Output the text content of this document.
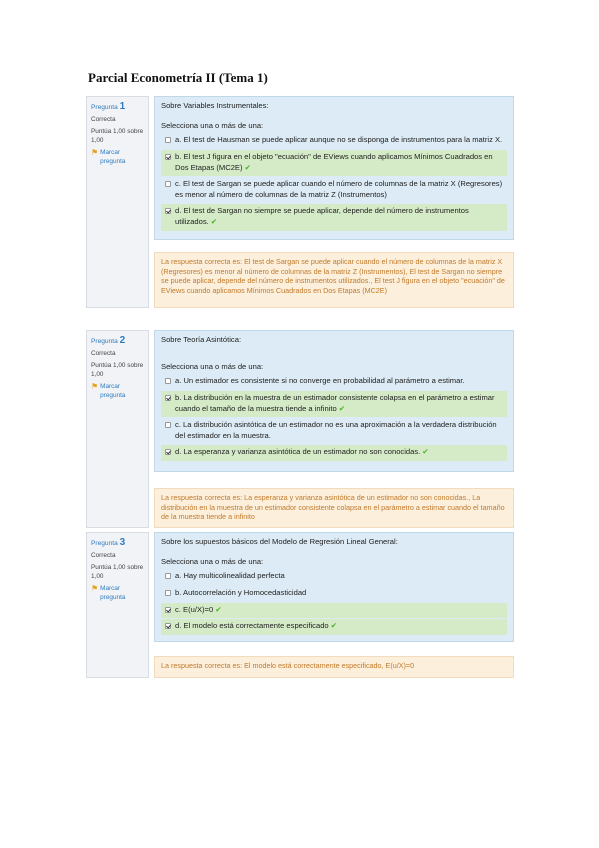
Parcial Econometría II (Tema 1)
Pregunta 1
Correcta
Puntúa 1,00 sobre 1,00
⚑ Marcar pregunta
Sobre Variables Instrumentales:
Selecciona una o más de una:
a. El test de Hausman se puede aplicar aunque no se disponga de instrumentos para la matriz X.
b. El test J figura en el objeto "ecuación" de EViews cuando aplicamos Mínimos Cuadrados en Dos Etapas (MC2E) ✔
c. El test de Sargan se puede aplicar cuando el número de columnas de la matriz X (Regresores) es menor al número de columnas de la matriz Z (Instrumentos)
d. El test de Sargan no siempre se puede aplicar, depende del número de instrumentos utilizados. ✔
La respuesta correcta es: El test de Sargan se puede aplicar cuando el número de columnas de la matriz X (Regresores) es menor al número de columnas de la matriz Z (Instrumentos), El test de Sargan no siempre se puede aplicar, depende del número de instrumentos utilizados., El test J figura en el objeto "ecuación" de EViews cuando aplicamos Mínimos Cuadrados en Dos Etapas (MC2E)
Pregunta 2
Correcta
Puntúa 1,00 sobre 1,00
⚑ Marcar pregunta
Sobre Teoría Asintótica:
Selecciona una o más de una:
a. Un estimador es consistente si no converge en probabilidad al parámetro a estimar.
b. La distribución en la muestra de un estimador consistente colapsa en el parámetro a estimar cuando el tamaño de la muestra tiende a infinito ✔
c. La distribución asintótica de un estimador no es una aproximación a la verdadera distribución del estimador en la muestra.
d. La esperanza y varianza asintótica de un estimador no son conocidas. ✔
La respuesta correcta es: La esperanza y varianza asintótica de un estimador no son conocidas., La distribución en la muestra de un estimador consistente colapsa en el parámetro a estimar cuando el tamaño de la muestra tiende a infinito
Pregunta 3
Correcta
Puntúa 1,00 sobre 1,00
⚑ Marcar pregunta
Sobre los supuestos básicos del Modelo de Regresión Lineal General:
Selecciona una o más de una:
a. Hay multicolinealidad perfecta
b. Autocorrelación y Homocedasticidad
c. E(u/X)=0 ✔
d. El modelo está correctamente especificado ✔
La respuesta correcta es: El modelo está correctamente especificado, E(u/X)=0
